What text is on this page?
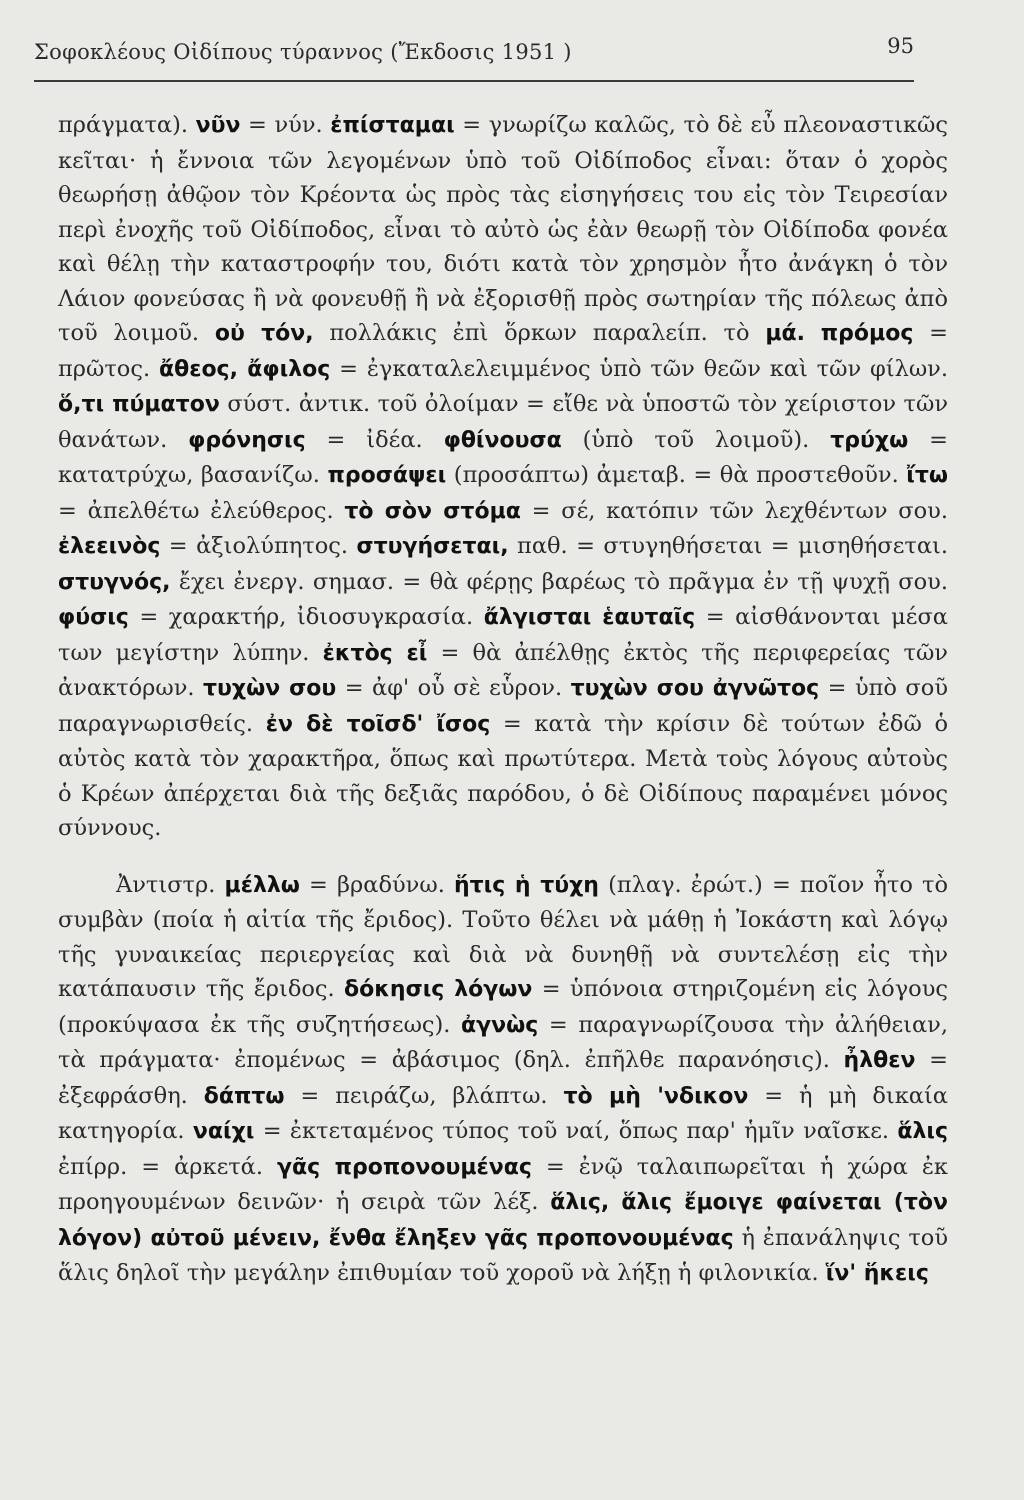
Σοφοκλέους Οἰδίπους τύραννος (Ἔκδοσις 1951 )	95

πράγματα). νῦν = νύν. ἐπίσταμαι = γνωρίζω καλῶς, τὸ δὲ εὖ πλεοναστικῶς κεῖται· ἡ ἔννοια τῶν λεγομένων ὑπὸ τοῦ Οἰδίποδος εἶναι: ὅταν ὁ χορὸς θεωρήσῃ ἀθῷον τὸν Κρέοντα ὡς πρὸς τὰς εἰσηγήσεις του εἰς τὸν Τειρεσίαν περὶ ἐνοχῆς τοῦ Οἰδίποδος, εἶναι τὸ αὐτὸ ὡς ἐὰν θεωρῇ τὸν Οἰδίποδα φονέα καὶ θέλῃ τὴν καταστροφήν του, διότι κατὰ τὸν χρησμὸν ἦτο ἀνάγκη ὁ τὸν Λάιον φονεύσας ἢ νὰ φονευθῇ ἢ νὰ ἐξορισθῇ πρὸς σωτηρίαν τῆς πόλεως ἀπὸ τοῦ λοιμοῦ. οὐ τόν, πολλάκις ἐπὶ ὅρκων παραλείπ. τὸ μά. πρόμος = πρῶτος. ἄθεος, ἄφιλος = ἐγκαταλελειμμένος ὑπὸ τῶν θεῶν καὶ τῶν φίλων. ὅ,τι πύματον σύστ. ἀντικ. τοῦ ὀλοίμαν = εἴθε νὰ ὑποστῶ τὸν χείριστον τῶν θανάτων. φρόνησις = ἰδέα. φθίνουσα (ὑπὸ τοῦ λοιμοῦ). τρύχω = κατατρύχω, βασανίζω. προσάψει (προσάπτω) ἀμεταβ. = θὰ προστεθοῦν. ἴτω = ἀπελθέτω ἐλεύθερος. τὸ σὸν στόμα = σέ, κατόπιν τῶν λεχθέντων σου. ἐλεεινὸς = ἀξιολύπητος. στυγήσεται, παθ. = στυγηθήσεται = μισηθήσεται. στυγνός, ἔχει ἐνεργ. σημασ. = θὰ φέρῃς βαρέως τὸ πρᾶγμα ἐν τῇ ψυχῇ σου. φύσις = χαρακτήρ, ἰδιοσυγκρασία. ἄλγισται ἑαυταῖς = αἰσθάνονται μέσα των μεγίστην λύπην. ἐκτὸς εἶ = θὰ ἀπέλθῃς ἐκτὸς τῆς περιφερείας τῶν ἀνακτόρων. τυχὼν σου = ἀφ' οὗ σὲ εὗρον. τυχὼν σου ἀγνῶτος = ὑπὸ σοῦ παραγνωρισθείς. ἐν δὲ τοῖσδ' ἴσος = κατὰ τὴν κρίσιν δὲ τούτων ἐδῶ ὁ αὐτὸς κατὰ τὸν χαρακτῆρα, ὅπως καὶ πρωτύτερα. Μετὰ τοὺς λόγους αὐτοὺς ὁ Κρέων ἀπέρχεται διὰ τῆς δεξιᾶς παρόδου, ὁ δὲ Οἰδίπους παραμένει μόνος σύννους.

Ἀντιστρ. μέλλω = βραδύνω. ἥτις ἡ τύχη (πλαγ. ἐρώτ.) = ποῖον ἦτο τὸ συμβὰν (ποία ἡ αἰτία τῆς ἔριδος). Τοῦτο θέλει νὰ μάθῃ ἡ Ἰοκάστη καὶ λόγῳ τῆς γυναικείας περιεργείας καὶ διὰ νὰ δυνηθῇ νὰ συντελέσῃ εἰς τὴν κατάπαυσιν τῆς ἔριδος. δόκησις λόγων = ὑπόνοια στηριζομένη εἰς λόγους (προκύψασα ἐκ τῆς συζητήσεως). ἀγνὼς = παραγνωρίζουσα τὴν ἀλήθειαν, τὰ πράγματα· ἐπομένως = ἀβάσιμος (δηλ. ἐπῆλθε παρανόησις). ἦλθεν = ἐξεφράσθη. δάπτω = πειράζω, βλάπτω. τὸ μὴ 'νδικον = ἡ μὴ δικαία κατηγορία. ναίχι = ἐκτεταμένος τύπος τοῦ ναί, ὅπως παρ' ἡμῖν ναῖσκε. ἅλις ἐπίρρ. = ἀρκετά. γᾶς προπονουμένας = ἐνῷ ταλαιπωρεῖται ἡ χώρα ἐκ προηγουμένων δεινῶν· ἡ σειρὰ τῶν λέξ. ἅλις, ἅλις ἔμοιγε φαίνεται (τὸν λόγον) αὐτοῦ μένειν, ἔνθα ἔληξεν γᾶς προπονουμένας ἡ ἐπανάληψις τοῦ ἅλις δηλοῖ τὴν μεγάλην ἐπιθυμίαν τοῦ χοροῦ νὰ λήξῃ ἡ φιλονικία. ἵν' ἥκεις
